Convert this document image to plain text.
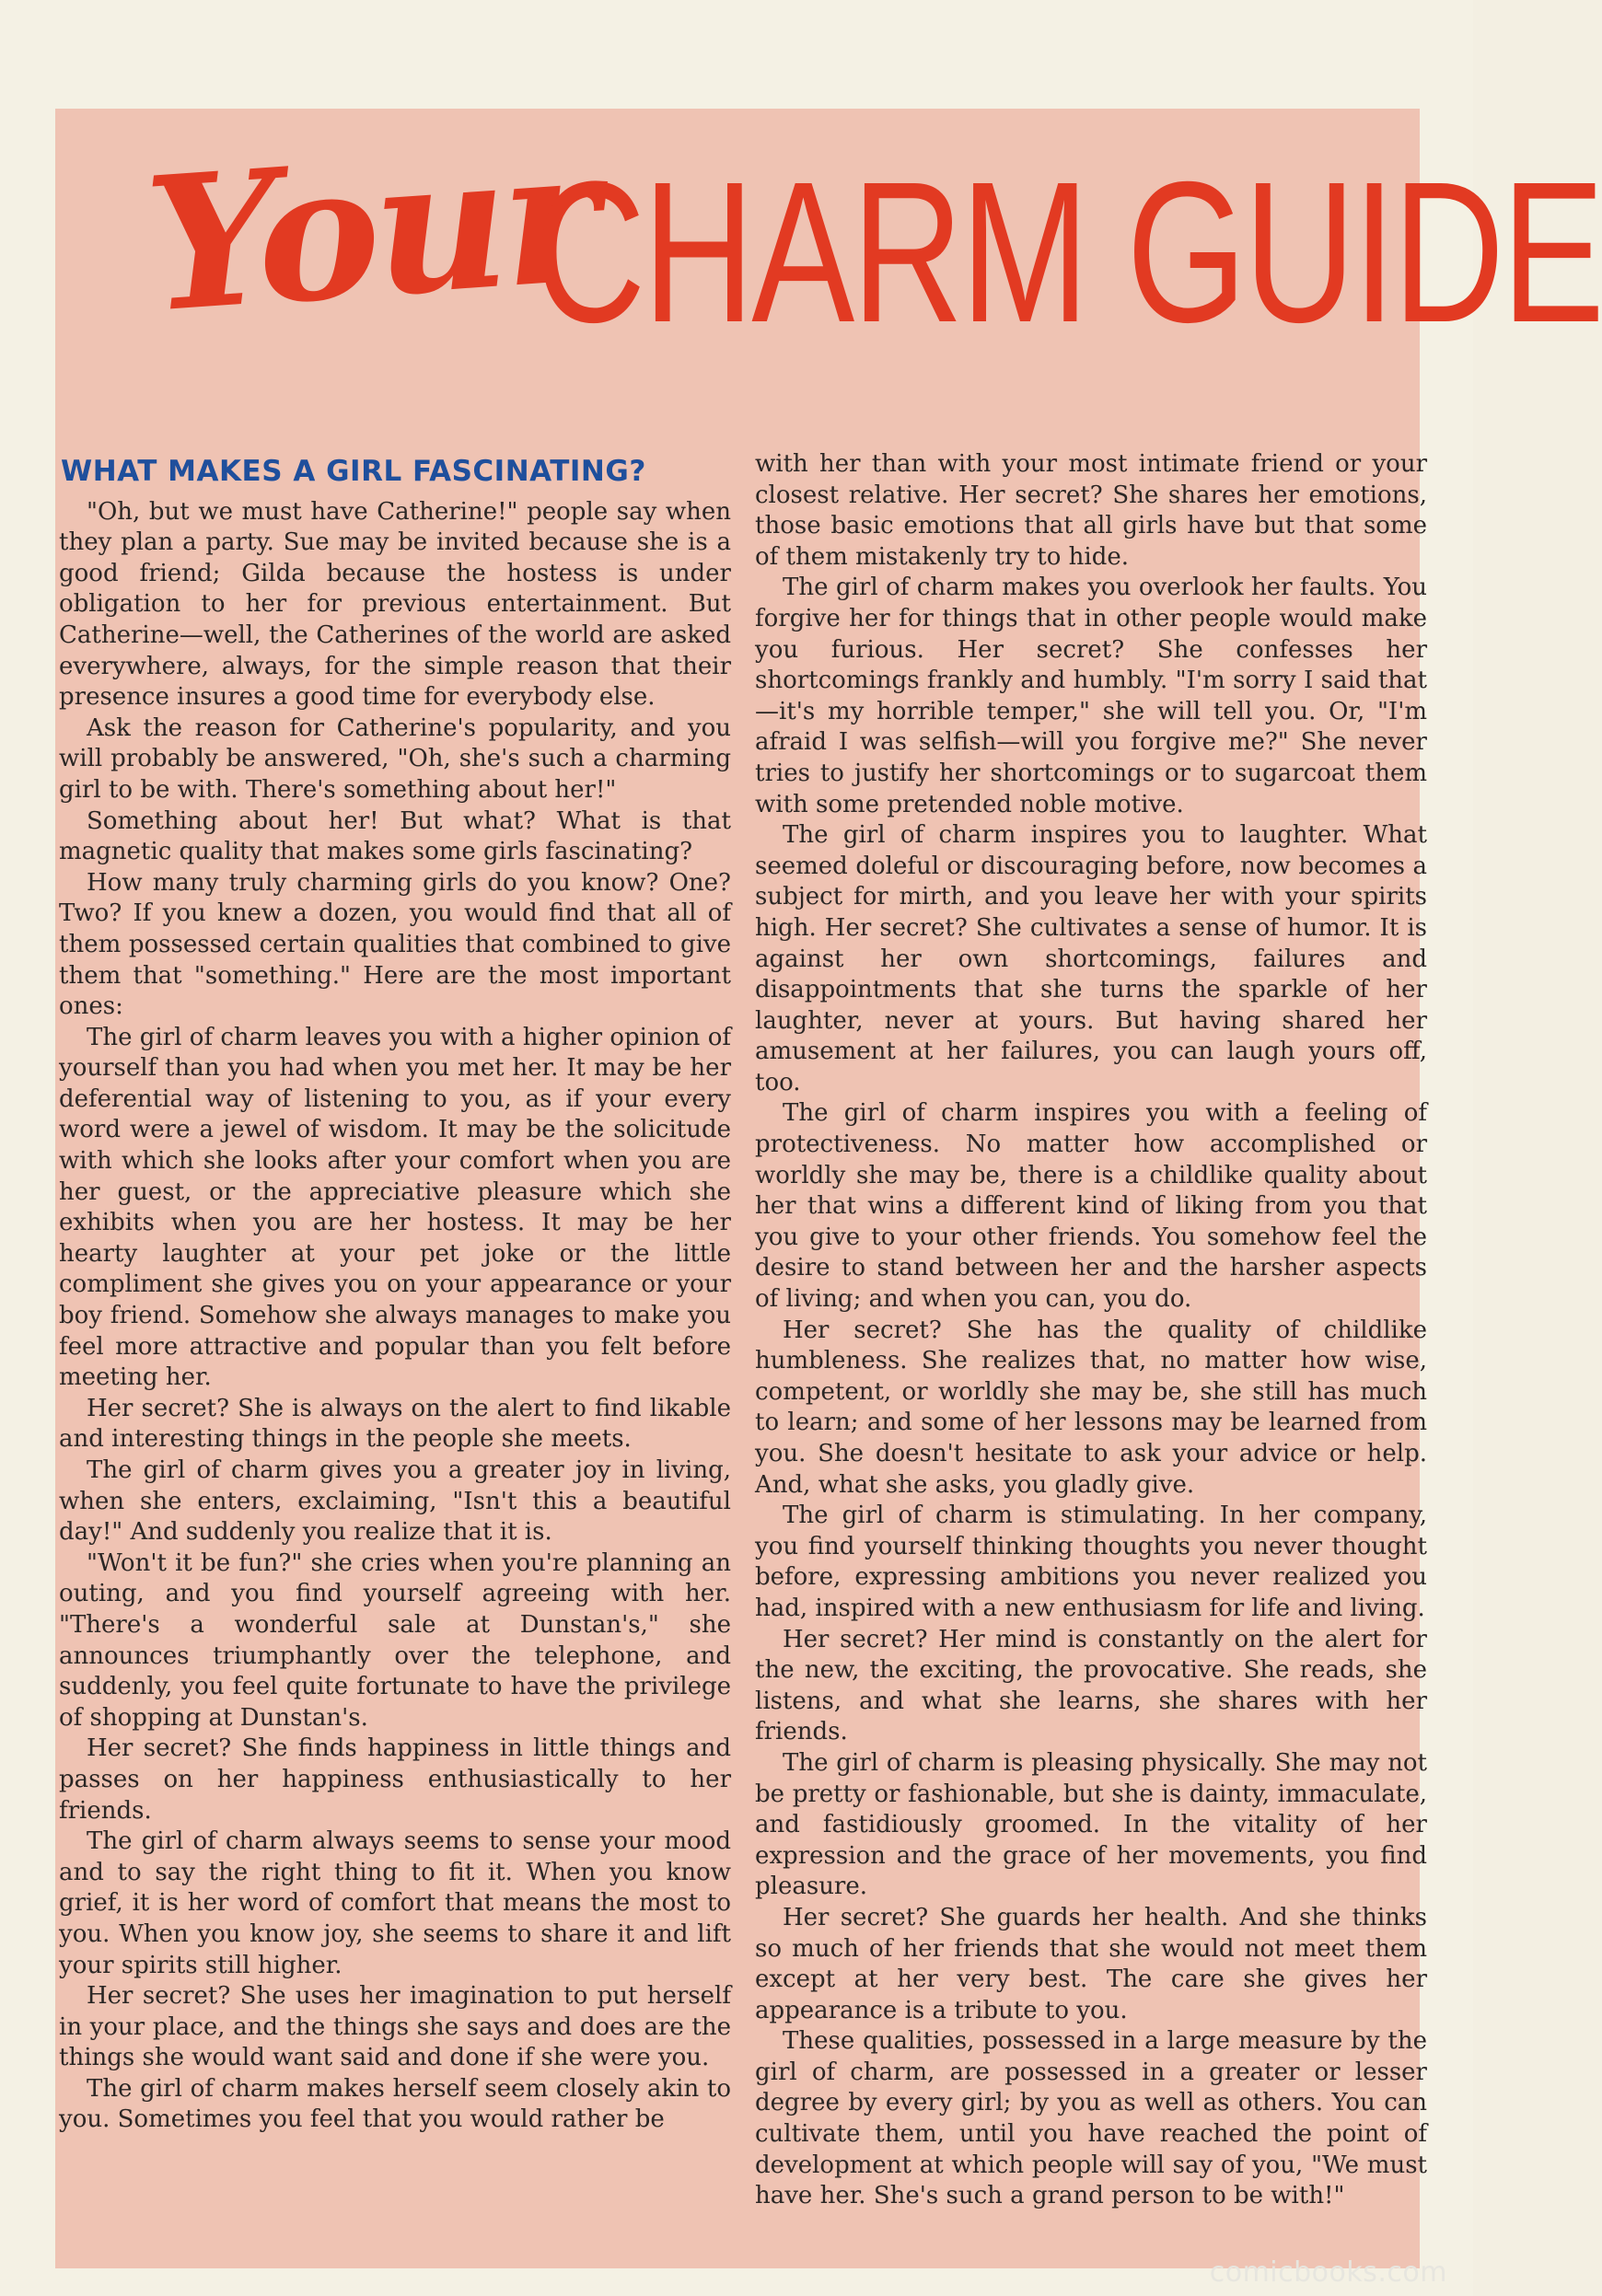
Your
CHARM GUIDE
WHAT MAKES A GIRL FASCINATING?

"Oh, but we must have Catherine!" people say when they plan a party. Sue may be invited because she is a good friend; Gilda because the hostess is under obligation to her for previous entertainment. But Catherine—well, the Catherines of the world are asked everywhere, always, for the simple reason that their presence insures a good time for everybody else.

Ask the reason for Catherine's popularity, and you will probably be answered, "Oh, she's such a charming girl to be with. There's something about her!"

Something about her! But what? What is that magnetic quality that makes some girls fascinating?

How many truly charming girls do you know? One? Two? If you knew a dozen, you would find that all of them possessed certain qualities that combined to give them that "something." Here are the most important ones:

The girl of charm leaves you with a higher opinion of yourself than you had when you met her. It may be her deferential way of listening to you, as if your every word were a jewel of wisdom. It may be the solicitude with which she looks after your comfort when you are her guest, or the appreciative pleasure which she exhibits when you are her hostess. It may be her hearty laughter at your pet joke or the little compliment she gives you on your appearance or your boy friend. Somehow she always manages to make you feel more attractive and popular than you felt before meeting her.

Her secret? She is always on the alert to find likable and interesting things in the people she meets.

The girl of charm gives you a greater joy in living, when she enters, exclaiming, "Isn't this a beautiful day!" And suddenly you realize that it is.

"Won't it be fun?" she cries when you're planning an outing, and you find yourself agreeing with her. "There's a wonderful sale at Dunstan's," she announces triumphantly over the telephone, and suddenly, you feel quite fortunate to have the privilege of shopping at Dunstan's.

Her secret? She finds happiness in little things and passes on her happiness enthusiastically to her friends.

The girl of charm always seems to sense your mood and to say the right thing to fit it. When you know grief, it is her word of comfort that means the most to you. When you know joy, she seems to share it and lift your spirits still higher.

Her secret? She uses her imagination to put herself in your place, and the things she says and does are the things she would want said and done if she were you.

The girl of charm makes herself seem closely akin to you. Sometimes you feel that you would rather be

with her than with your most intimate friend or your closest relative. Her secret? She shares her emotions, those basic emotions that all girls have but that some of them mistakenly try to hide.

The girl of charm makes you overlook her faults. You forgive her for things that in other people would make you furious. Her secret? She confesses her shortcomings frankly and humbly. "I'm sorry I said that—it's my horrible temper," she will tell you. Or, "I'm afraid I was selfish—will you forgive me?" She never tries to justify her shortcomings or to sugarcoat them with some pretended noble motive.

The girl of charm inspires you to laughter. What seemed doleful or discouraging before, now becomes a subject for mirth, and you leave her with your spirits high. Her secret? She cultivates a sense of humor. It is against her own shortcomings, failures and disappointments that she turns the sparkle of her laughter, never at yours. But having shared her amusement at her failures, you can laugh yours off, too.

The girl of charm inspires you with a feeling of protectiveness. No matter how accomplished or worldly she may be, there is a childlike quality about her that wins a different kind of liking from you that you give to your other friends. You somehow feel the desire to stand between her and the harsher aspects of living; and when you can, you do.

Her secret? She has the quality of childlike humbleness. She realizes that, no matter how wise, competent, or worldly she may be, she still has much to learn; and some of her lessons may be learned from you. She doesn't hesitate to ask your advice or help. And, what she asks, you gladly give.

The girl of charm is stimulating. In her company, you find yourself thinking thoughts you never thought before, expressing ambitions you never realized you had, inspired with a new enthusiasm for life and living.

Her secret? Her mind is constantly on the alert for the new, the exciting, the provocative. She reads, she listens, and what she learns, she shares with her friends.

The girl of charm is pleasing physically. She may not be pretty or fashionable, but she is dainty, immaculate, and fastidiously groomed. In the vitality of her expression and the grace of her movements, you find pleasure.

Her secret? She guards her health. And she thinks so much of her friends that she would not meet them except at her very best. The care she gives her appearance is a tribute to you.

These qualities, possessed in a large measure by the girl of charm, are possessed in a greater or lesser degree by every girl; by you as well as others. You can cultivate them, until you have reached the point of development at which people will say of you, "We must have her. She's such a grand person to be with!"

comicbooks.com
